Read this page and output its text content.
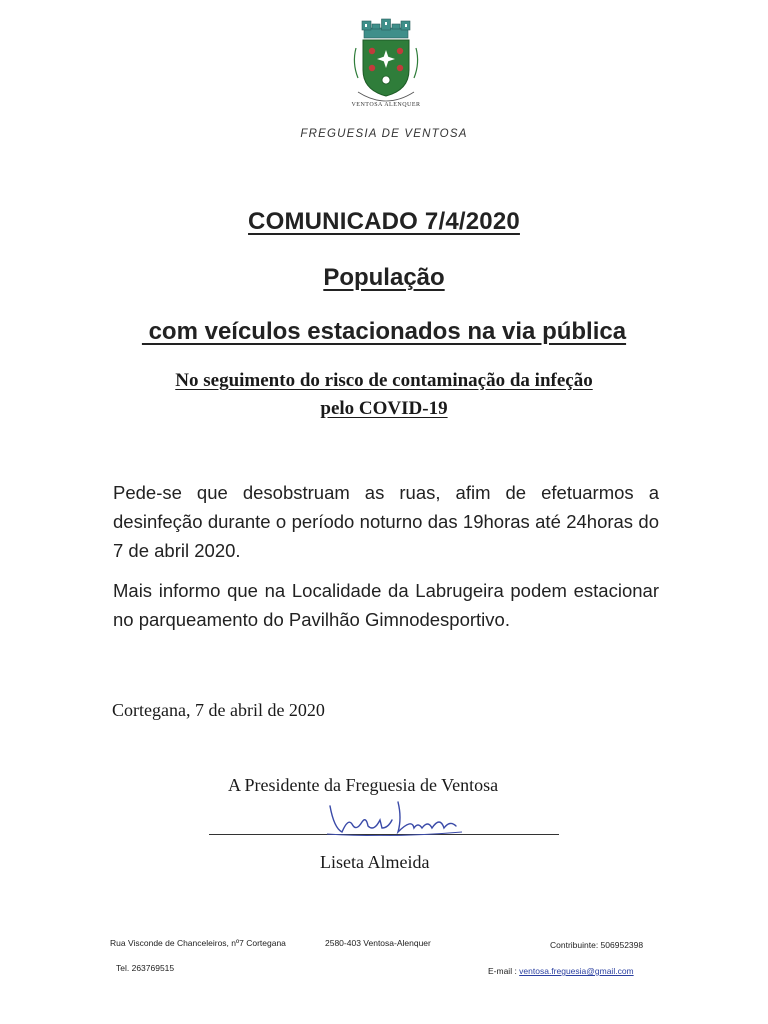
VENTOSA ALENQUER
FREGUESIA DE VENTOSA
COMUNICADO 7/4/2020
População
com veículos estacionados na via pública
No seguimento do risco de contaminação da infeção
pelo COVID-19
Pede-se que desobstruam as ruas, afim de efetuarmos a desinfeção durante o período noturno das 19horas até 24horas do 7 de abril 2020.
Mais informo que na Localidade da Labrugeira podem estacionar no parqueamento do Pavilhão Gimnodesportivo.
Cortegana, 7 de abril de 2020
A Presidente da Freguesia de Ventosa
Liseta Almeida
Rua Visconde de Chanceleiros, nº7 Cortegana	2580-403 Ventosa-Alenquer	Contribuinte: 506952398
Tel. 263769515	E-mail : ventosa.freguesia@gmail.com
